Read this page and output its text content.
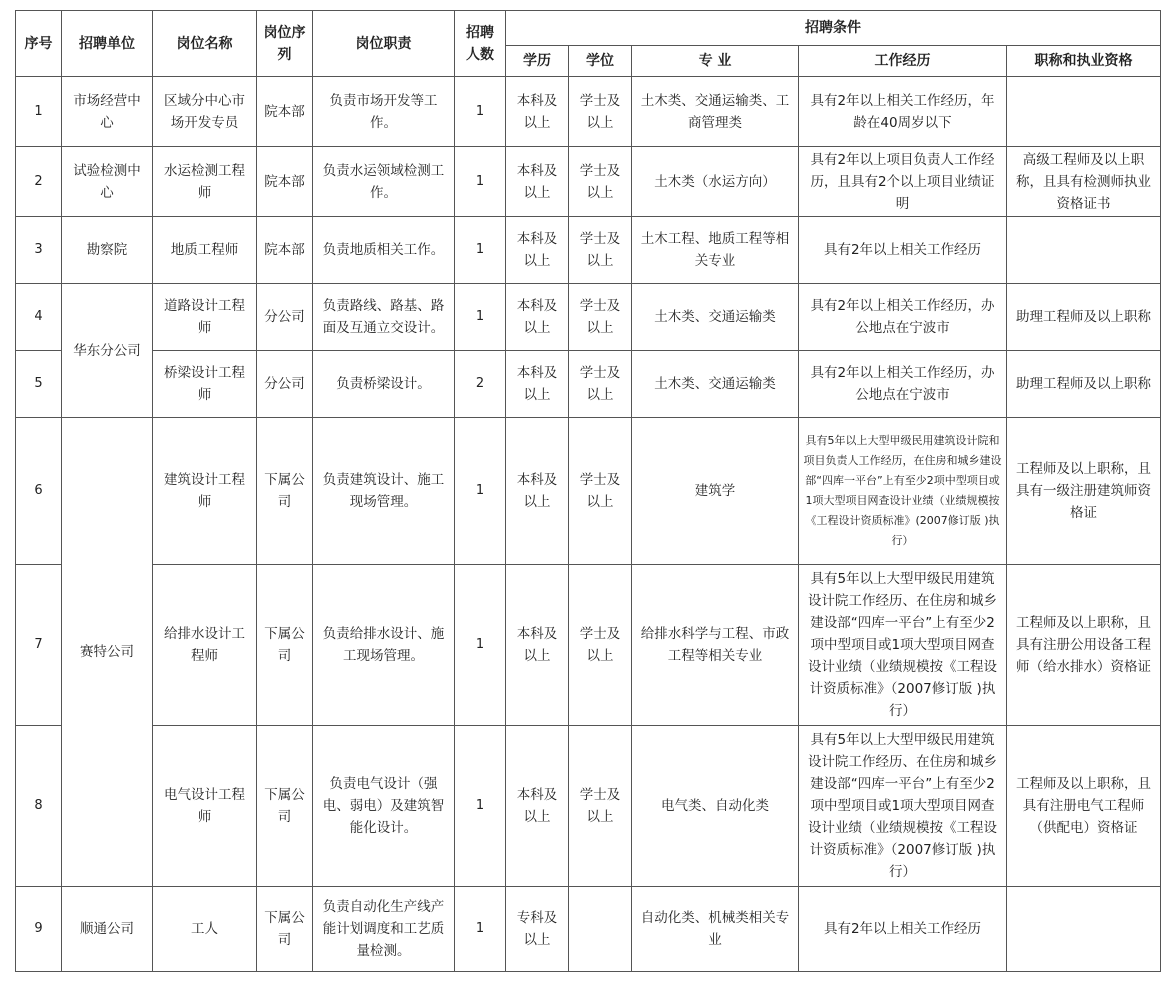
序号	招聘单位	岗位名称	岗位序列	岗位职责	招聘人数	招聘条件				
						学历	学位	专 业	工作经历	职称和执业资格
1	市场经营中心	区域分中心市场开发专员	院本部	负责市场开发等工作。	1	本科及以上	学士及以上	土木类、交通运输类、工商管理类	具有2年以上相关工作经历，年龄在40周岁以下	
2	试验检测中心	水运检测工程师	院本部	负责水运领域检测工作。	1	本科及以上	学士及以上	土木类（水运方向）	具有2年以上项目负责人工作经历，且具有2个以上项目业绩证明	高级工程师及以上职称，且具有检测师执业资格证书
3	勘察院	地质工程师	院本部	负责地质相关工作。	1	本科及以上	学士及以上	土木工程、地质工程等相关专业	具有2年以上相关工作经历	
4	华东分公司	道路设计工程师	分公司	负责路线、路基、路面及互通立交设计。	1	本科及以上	学士及以上	土木类、交通运输类	具有2年以上相关工作经历，办公地点在宁波市	助理工程师及以上职称
5		桥梁设计工程师	分公司	负责桥梁设计。	2	本科及以上	学士及以上	土木类、交通运输类	具有2年以上相关工作经历，办公地点在宁波市	助理工程师及以上职称
6	赛特公司	建筑设计工程师	下属公司	负责建筑设计、施工现场管理。	1	本科及以上	学士及以上	建筑学	具有5年以上大型甲级民用建筑设计院和项目负责人工作经历，在住房和城乡建设部“四库一平台”上有至少2项中型项目或1项大型项目网查设计业绩（业绩规模按《工程设计资质标准》(2007修订版 )执行）	工程师及以上职称，且具有一级注册建筑师资格证
7		给排水设计工程师	下属公司	负责给排水设计、施工现场管理。	1	本科及以上	学士及以上	给排水科学与工程、市政工程等相关专业	具有5年以上大型甲级民用建筑设计院工作经历、在住房和城乡建设部“四库一平台”上有至少2项中型项目或1项大型项目网查设计业绩（业绩规模按《工程设计资质标准》（2007修订版 )执行）	工程师及以上职称，且具有注册公用设备工程师（给水排水）资格证
8		电气设计工程师	下属公司	负责电气设计（强电、弱电）及建筑智能化设计。	1	本科及以上	学士及以上	电气类、自动化类	具有5年以上大型甲级民用建筑设计院工作经历、在住房和城乡建设部“四库一平台”上有至少2项中型项目或1项大型项目网查设计业绩（业绩规模按《工程设计资质标准》（2007修订版 )执行）	工程师及以上职称，且具有注册电气工程师（供配电）资格证
9	顺通公司	工人	下属公司	负责自动化生产线产能计划调度和工艺质量检测。	1	专科及以上		自动化类、机械类相关专业	具有2年以上相关工作经历	
